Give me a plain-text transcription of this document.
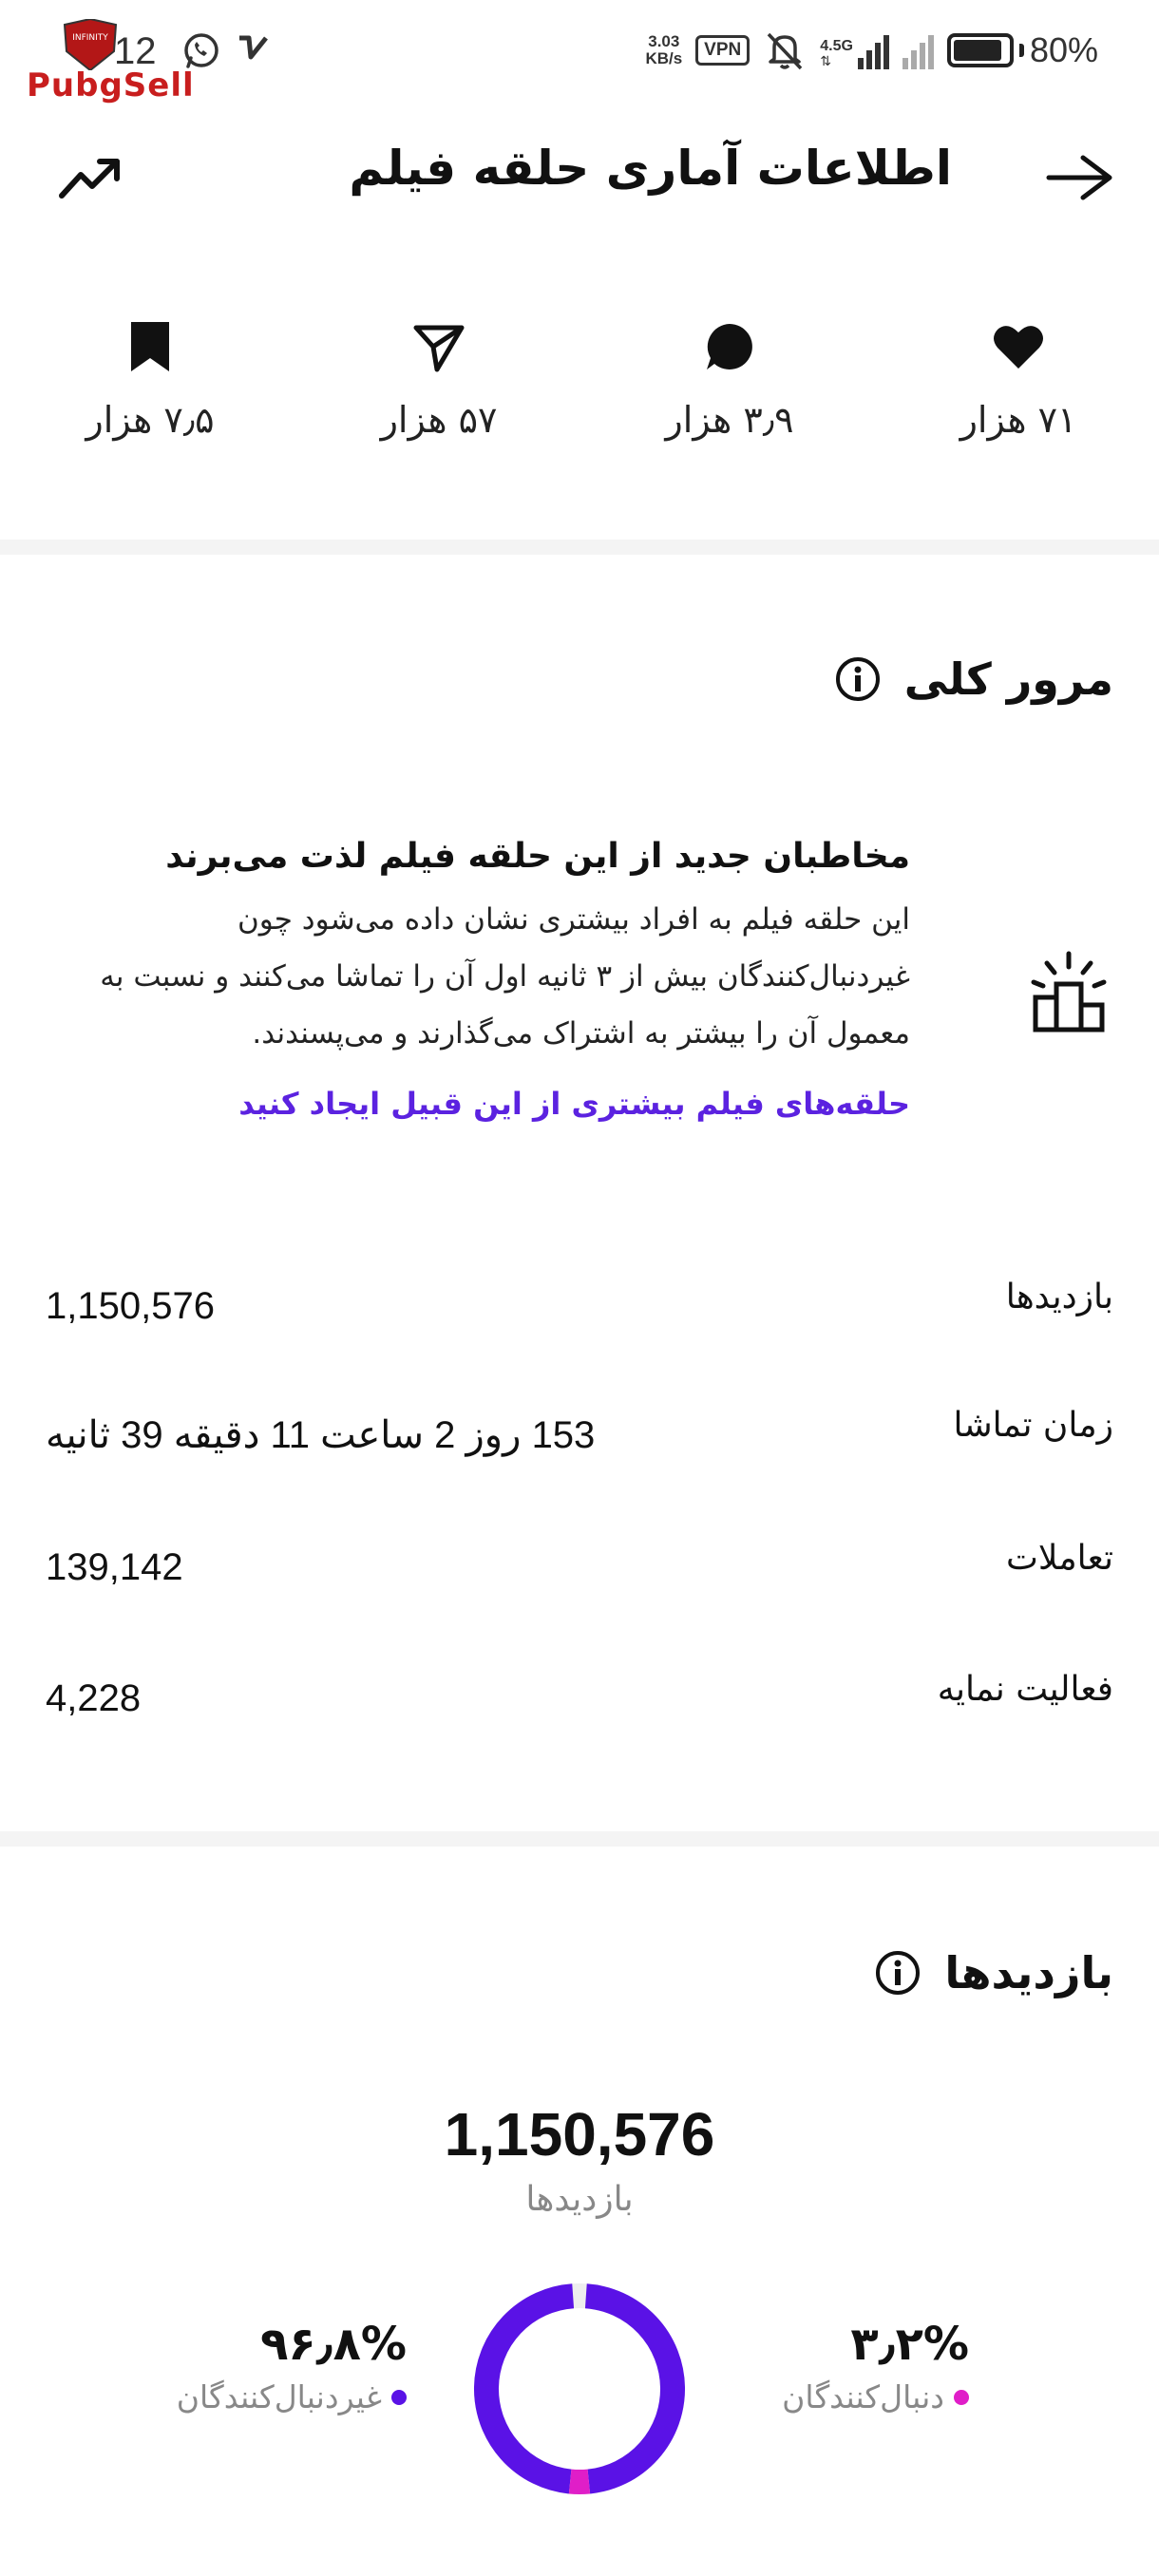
INFINITY
PubgSell
12	3.03
KB/s	VPN	4.5G
⇅	80%
اطلاعات آماری حلقه فیلم
۷۱ هزار
۳٫۹ هزار
۵۷ هزار
۷٫۵ هزار
مرور کلی
مخاطبان جدید از این حلقه فیلم لذت می‌برند
این حلقه فیلم به افراد بیشتری نشان داده می‌شود چون
غیردنبال‌کنندگان بیش از ۳ ثانیه اول آن را تماشا می‌کنند و نسبت به
معمول آن را بیشتر به اشتراک می‌گذارند و می‌پسندند.
حلقه‌های فیلم بیشتری از این قبیل ایجاد کنید
بازدیدها
1,150,576
زمان تماشا
153 روز 2 ساعت 11 دقیقه 39 ثانیه
تعاملات
139,142
فعالیت نمایه
4,228
بازدیدها
1,150,576
بازدیدها
۳٫۲%
دنبال‌کنندگان
۹۶٫۸%
غیردنبال‌کنندگان
